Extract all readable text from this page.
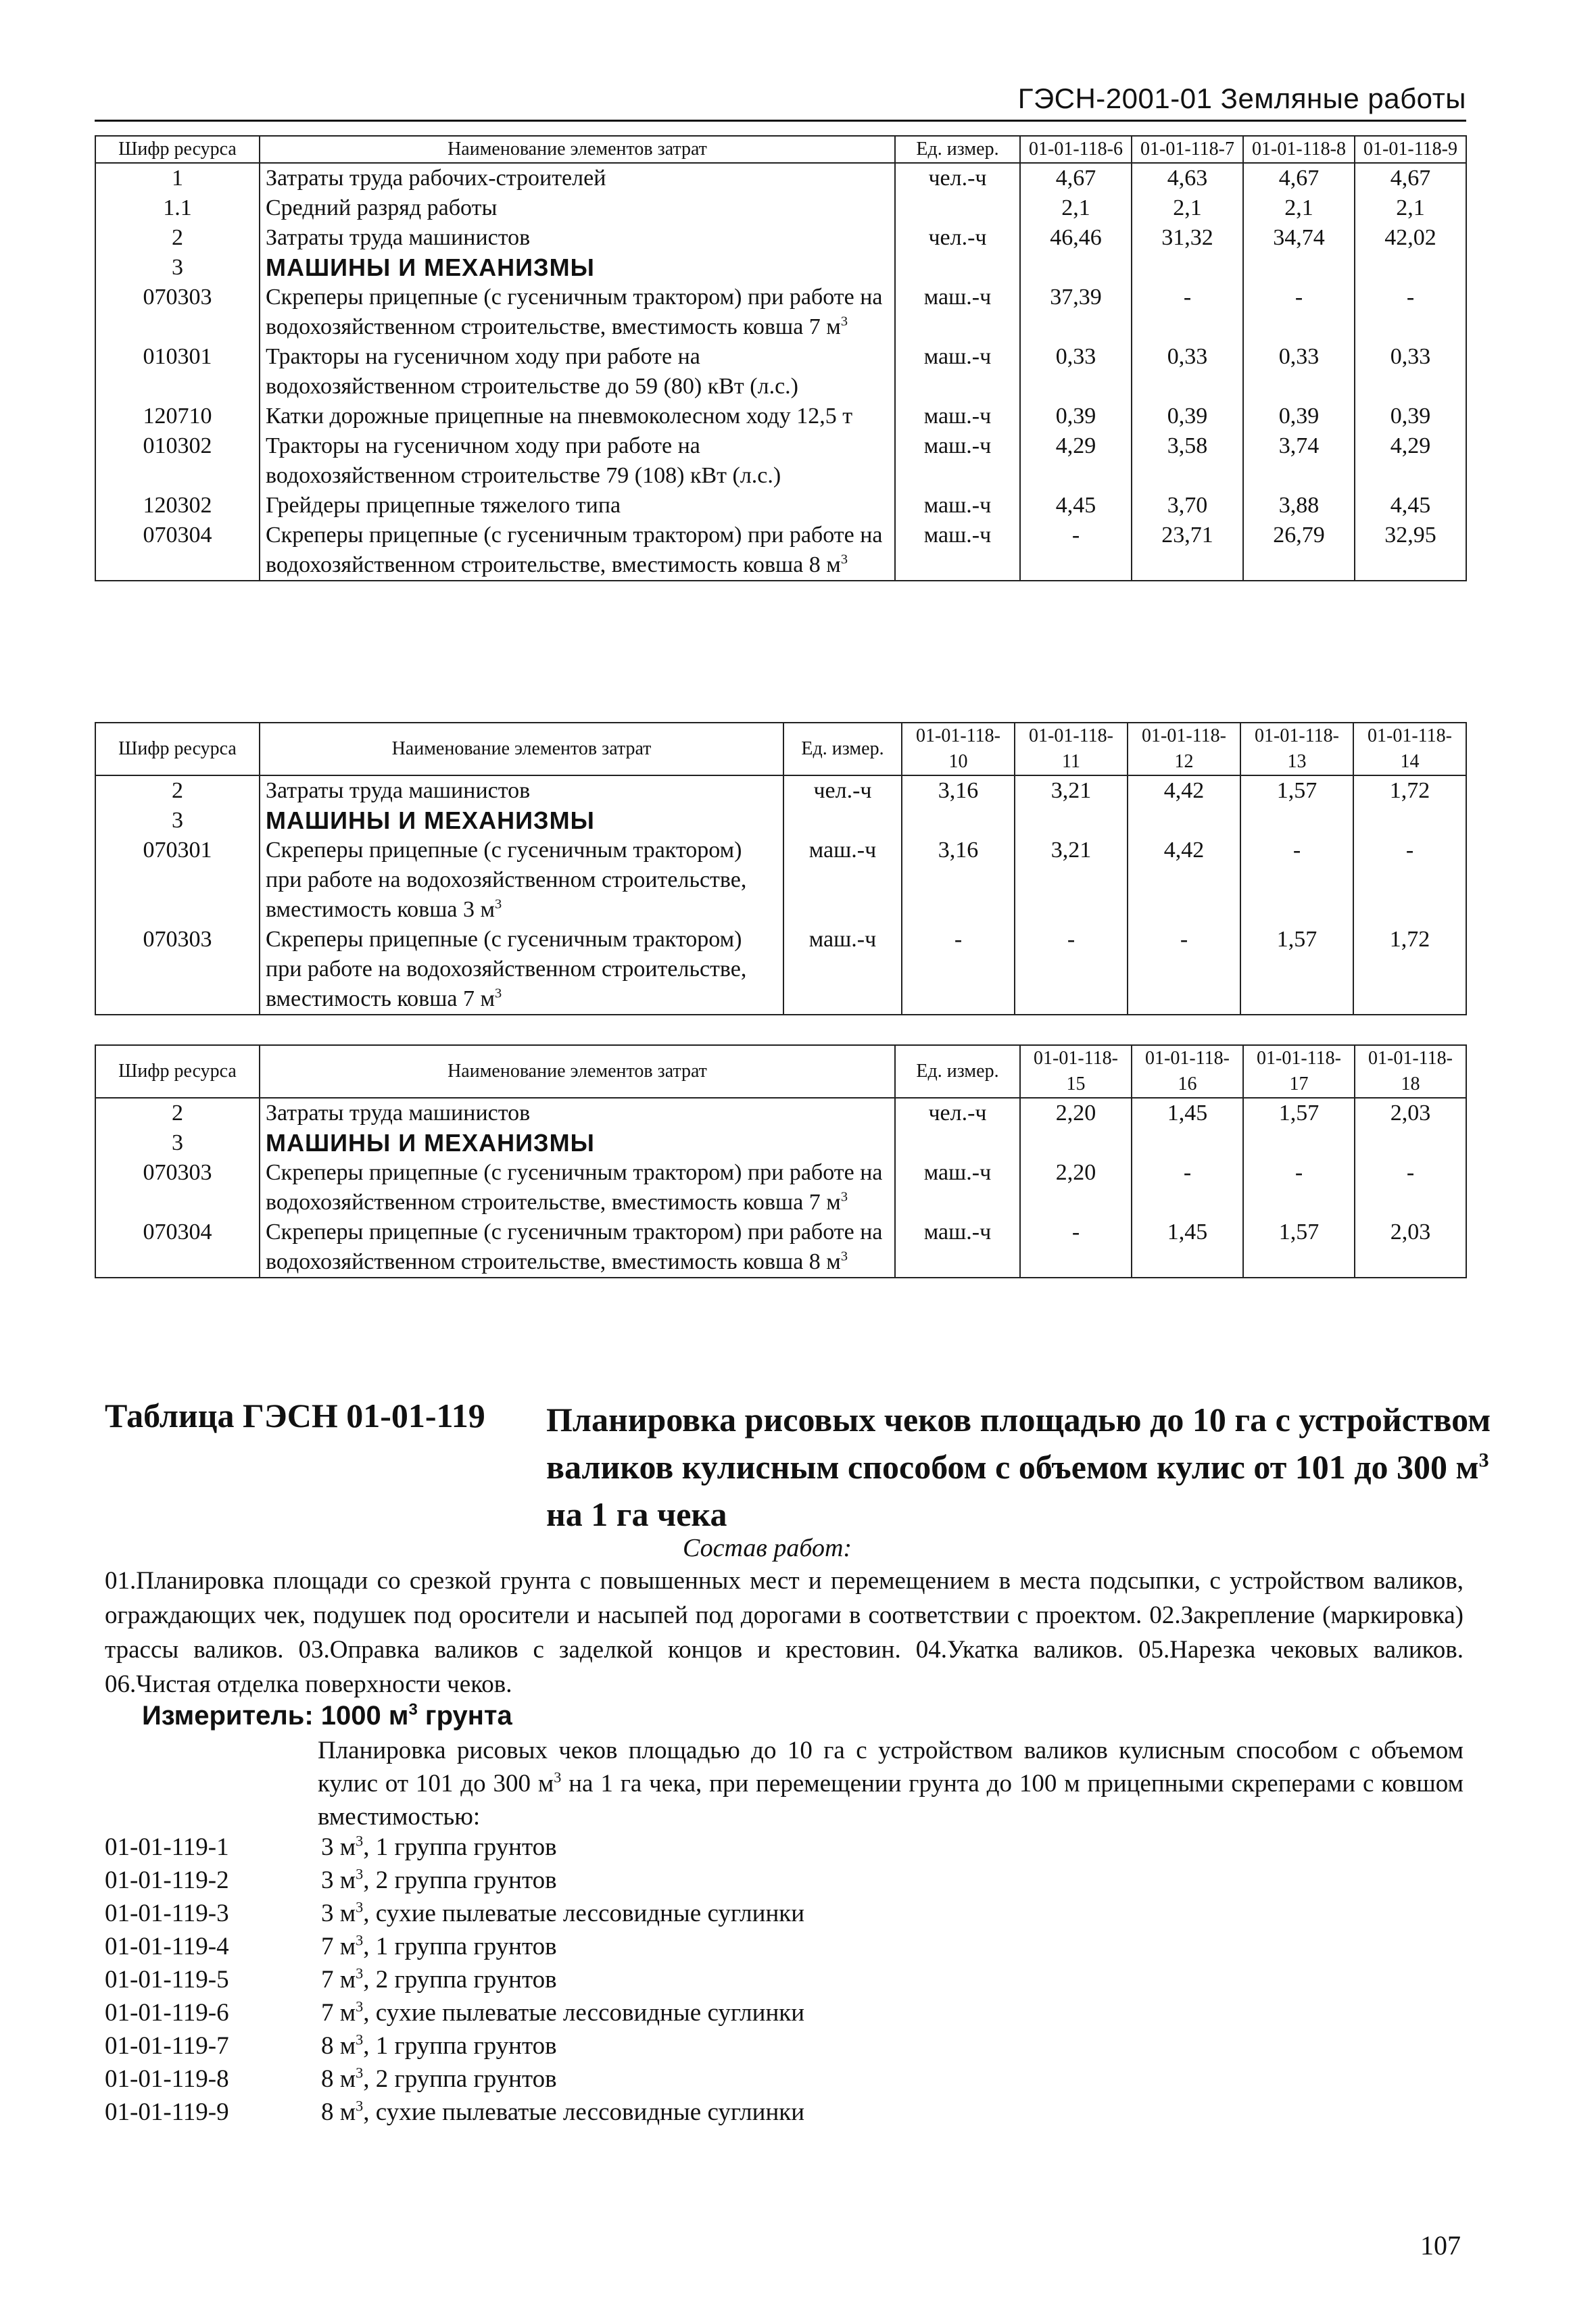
ГЭСН-2001-01 Земляные работы
Шифр ресурса	Наименование элементов затрат	Ед. измер.	01-01-118-6	01-01-118-7	01-01-118-8	01-01-118-9
1	Затраты труда рабочих-строителей	чел.-ч	4,67	4,63	4,67	4,67
1.1	Средний разряд работы		2,1	2,1	2,1	2,1
2	Затраты труда машинистов	чел.-ч	46,46	31,32	34,74	42,02
3	МАШИНЫ И МЕХАНИЗМЫ					
070303	Скреперы прицепные (с гусеничным трактором) при работе на водохозяйственном строительстве, вместимость ковша 7 $м^3$	маш.-ч	37,39	-	-	-
010301	Тракторы на гусеничном ходу при работе на водохозяйственном строительстве до 59 (80) кВт (л.с.)	маш.-ч	0,33	0,33	0,33	0,33
120710	Катки дорожные прицепные на пневмоколесном ходу 12,5 т	маш.-ч	0,39	0,39	0,39	0,39
010302	Тракторы на гусеничном ходу при работе на водохозяйственном строительстве 79 (108) кВт (л.с.)	маш.-ч	4,29	3,58	3,74	4,29
120302	Грейдеры прицепные тяжелого типа	маш.-ч	4,45	3,70	3,88	4,45
070304	Скреперы прицепные (с гусеничным трактором) при работе на водохозяйственном строительстве, вместимость ковша 8 $м^3$	маш.-ч	-	23,71	26,79	32,95
Шифр ресурса	Наименование элементов затрат	Ед. измер.	01-01-118-10	01-01-118-11	01-01-118-12	01-01-118-13	01-01-118-14
2	Затраты труда машинистов	чел.-ч	3,16	3,21	4,42	1,57	1,72
3	МАШИНЫ И МЕХАНИЗМЫ						
070301	Скреперы прицепные (с гусеничным трактором) при работе на водохозяйственном строительстве, вместимость ковша 3 $м^3$	маш.-ч	3,16	3,21	4,42	-	-
070303	Скреперы прицепные (с гусеничным трактором) при работе на водохозяйственном строительстве, вместимость ковша 7 $м^3$	маш.-ч	-	-	-	1,57	1,72
Шифр ресурса	Наименование элементов затрат	Ед. измер.	01-01-118-15	01-01-118-16	01-01-118-17	01-01-118-18
2	Затраты труда машинистов	чел.-ч	2,20	1,45	1,57	2,03
3	МАШИНЫ И МЕХАНИЗМЫ					
070303	Скреперы прицепные (с гусеничным трактором) при работе на водохозяйственном строительстве, вместимость ковша 7 $м^3$	маш.-ч	2,20	-	-	-
070304	Скреперы прицепные (с гусеничным трактором) при работе на водохозяйственном строительстве, вместимость ковша 8 $м^3$	маш.-ч	-	1,45	1,57	2,03
Таблица ГЭСН 01-01-119 Планировка рисовых чеков площадью до 10 га с устройством валиков кулисным способом с объемом кулис от 101 до 300 $м^3$ на 1 га чека
Состав работ:
01.Планировка площади со срезкой грунта с повышенных мест и перемещением в места подсыпки, с устройством валиков, ограждающих чек, подушек под оросители и насыпей под дорогами в соответствии с проектом. 02.Закрепление (маркировка) трассы валиков. 03.Оправка валиков с заделкой концов и крестовин. 04.Укатка валиков. 05.Нарезка чековых валиков. 06.Чистая отделка поверхности чеков.
Измеритель: 1000 $м^3$ грунта
Планировка рисовых чеков площадью до 10 га с устройством валиков кулисным способом с объемом кулис от 101 до 300 $м^3$ на 1 га чека, при перемещении грунта до 100 м прицепными скреперами с ковшом вместимостью:
01-01-119-1	3 $м^3$, 1 группа грунтов
01-01-119-2	3 $м^3$, 2 группа грунтов
01-01-119-3	3 $м^3$, сухие пылеватые лессовидные суглинки
01-01-119-4	7 $м^3$, 1 группа грунтов
01-01-119-5	7 $м^3$, 2 группа грунтов
01-01-119-6	7 $м^3$, сухие пылеватые лессовидные суглинки
01-01-119-7	8 $м^3$, 1 группа грунтов
01-01-119-8	8 $м^3$, 2 группа грунтов
01-01-119-9	8 $м^3$, сухие пылеватые лессовидные суглинки
107
